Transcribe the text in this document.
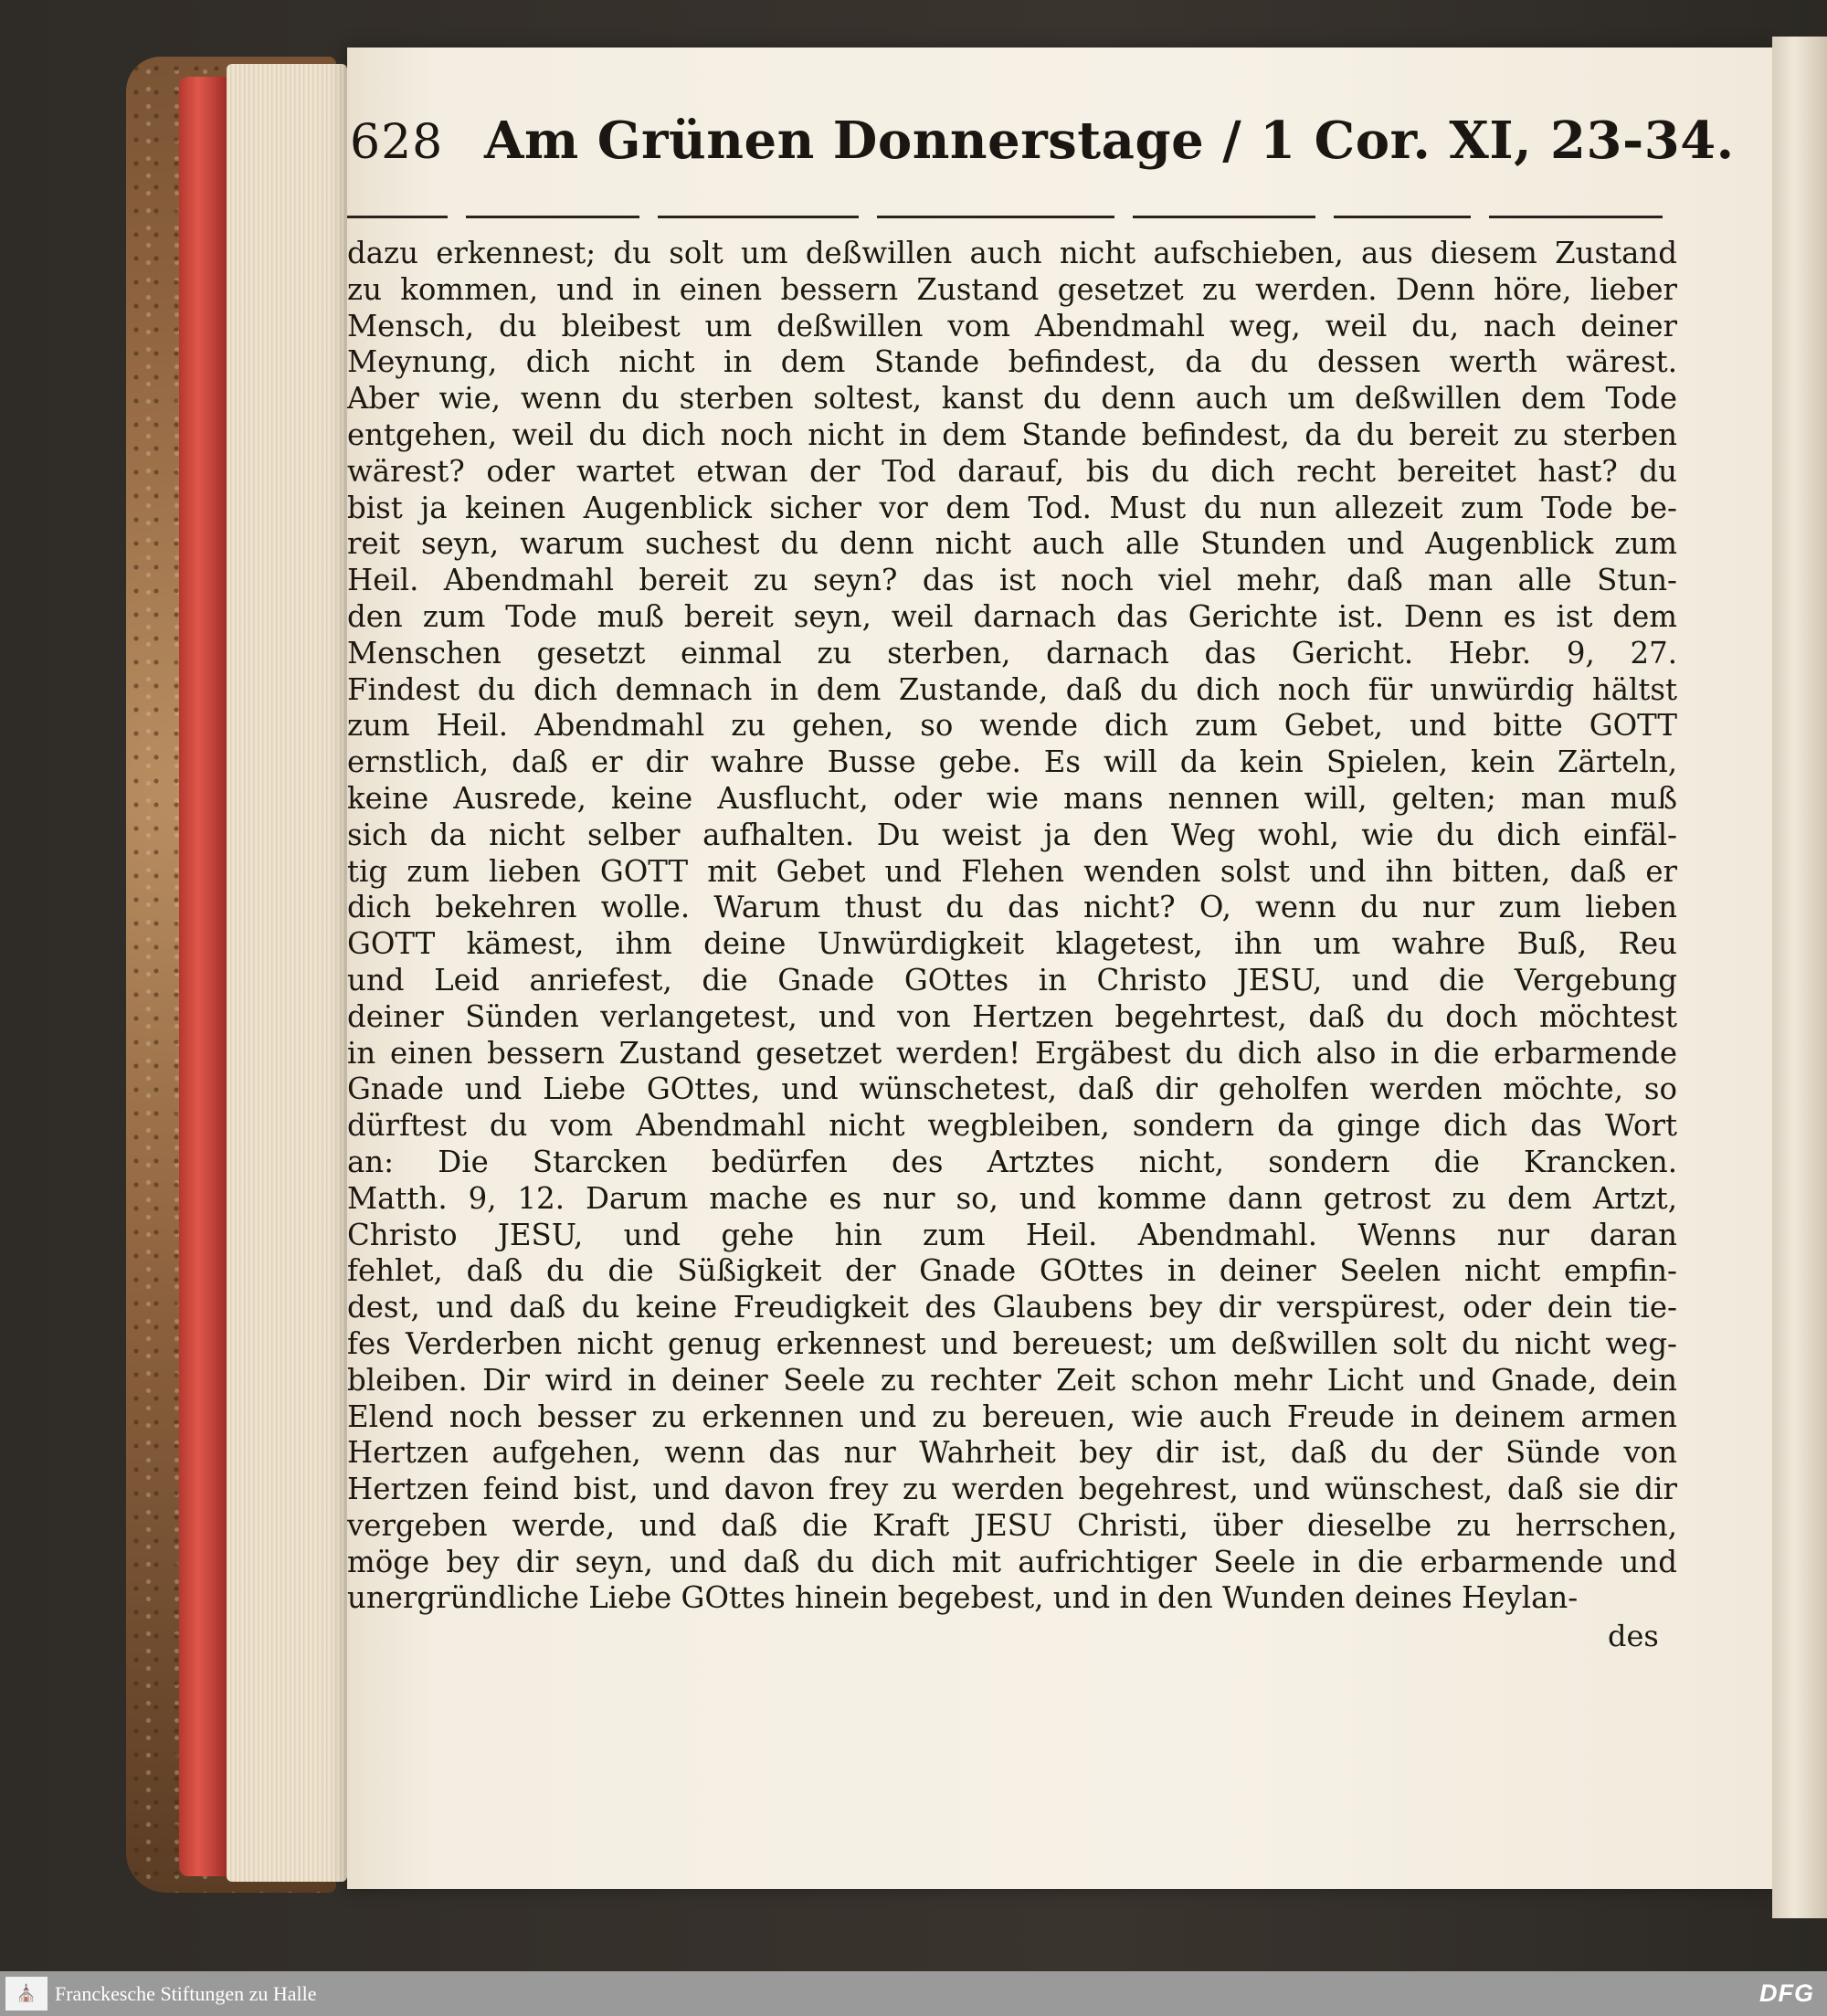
628 Am Grünen Donnerstage / 1 Cor. XI, 23-34.
dazu erkennest; du solt um deßwillen auch nicht aufschieben, aus diesem Zustand
zu kommen, und in einen bessern Zustand gesetzet zu werden. Denn höre, lieber
Mensch, du bleibest um deßwillen vom Abendmahl weg, weil du, nach deiner
Meynung, dich nicht in dem Stande befindest, da du dessen werth wärest.
Aber wie, wenn du sterben soltest, kanst du denn auch um deßwillen dem Tode
entgehen, weil du dich noch nicht in dem Stande befindest, da du bereit zu sterben
wärest? oder wartet etwan der Tod darauf, bis du dich recht bereitet hast? du
bist ja keinen Augenblick sicher vor dem Tod. Must du nun allezeit zum Tode be-
reit seyn, warum suchest du denn nicht auch alle Stunden und Augenblick zum
Heil. Abendmahl bereit zu seyn? das ist noch viel mehr, daß man alle Stun-
den zum Tode muß bereit seyn, weil darnach das Gerichte ist. Denn es ist dem
Menschen gesetzt einmal zu sterben, darnach das Gericht. Hebr. 9, 27.
Findest du dich demnach in dem Zustande, daß du dich noch für unwürdig hältst
zum Heil. Abendmahl zu gehen, so wende dich zum Gebet, und bitte GOTT
ernstlich, daß er dir wahre Busse gebe. Es will da kein Spielen, kein Zärteln,
keine Ausrede, keine Ausflucht, oder wie mans nennen will, gelten; man muß
sich da nicht selber aufhalten. Du weist ja den Weg wohl, wie du dich einfäl-
tig zum lieben GOTT mit Gebet und Flehen wenden solst und ihn bitten, daß er
dich bekehren wolle. Warum thust du das nicht? O, wenn du nur zum lieben
GOTT kämest, ihm deine Unwürdigkeit klagetest, ihn um wahre Buß, Reu
und Leid anriefest, die Gnade GOttes in Christo JESU, und die Vergebung
deiner Sünden verlangetest, und von Hertzen begehrtest, daß du doch möchtest
in einen bessern Zustand gesetzet werden! Ergäbest du dich also in die erbarmende
Gnade und Liebe GOttes, und wünschetest, daß dir geholfen werden möchte, so
dürftest du vom Abendmahl nicht wegbleiben, sondern da ginge dich das Wort
an: Die Starcken bedürfen des Artztes nicht, sondern die Krancken.
Matth. 9, 12. Darum mache es nur so, und komme dann getrost zu dem Artzt,
Christo JESU, und gehe hin zum Heil. Abendmahl. Wenns nur daran
fehlet, daß du die Süßigkeit der Gnade GOttes in deiner Seelen nicht empfin-
dest, und daß du keine Freudigkeit des Glaubens bey dir verspürest, oder dein tie-
fes Verderben nicht genug erkennest und bereuest; um deßwillen solt du nicht weg-
bleiben. Dir wird in deiner Seele zu rechter Zeit schon mehr Licht und Gnade, dein
Elend noch besser zu erkennen und zu bereuen, wie auch Freude in deinem armen
Hertzen aufgehen, wenn das nur Wahrheit bey dir ist, daß du der Sünde von
Hertzen feind bist, und davon frey zu werden begehrest, und wünschest, daß sie dir
vergeben werde, und daß die Kraft JESU Christi, über dieselbe zu herrschen,
möge bey dir seyn, und daß du dich mit aufrichtiger Seele in die erbarmende und
unergründliche Liebe GOttes hinein begebest, und in den Wunden deines Heylan-
des
⛪ Franckesche Stiftungen zu Halle	DFG
